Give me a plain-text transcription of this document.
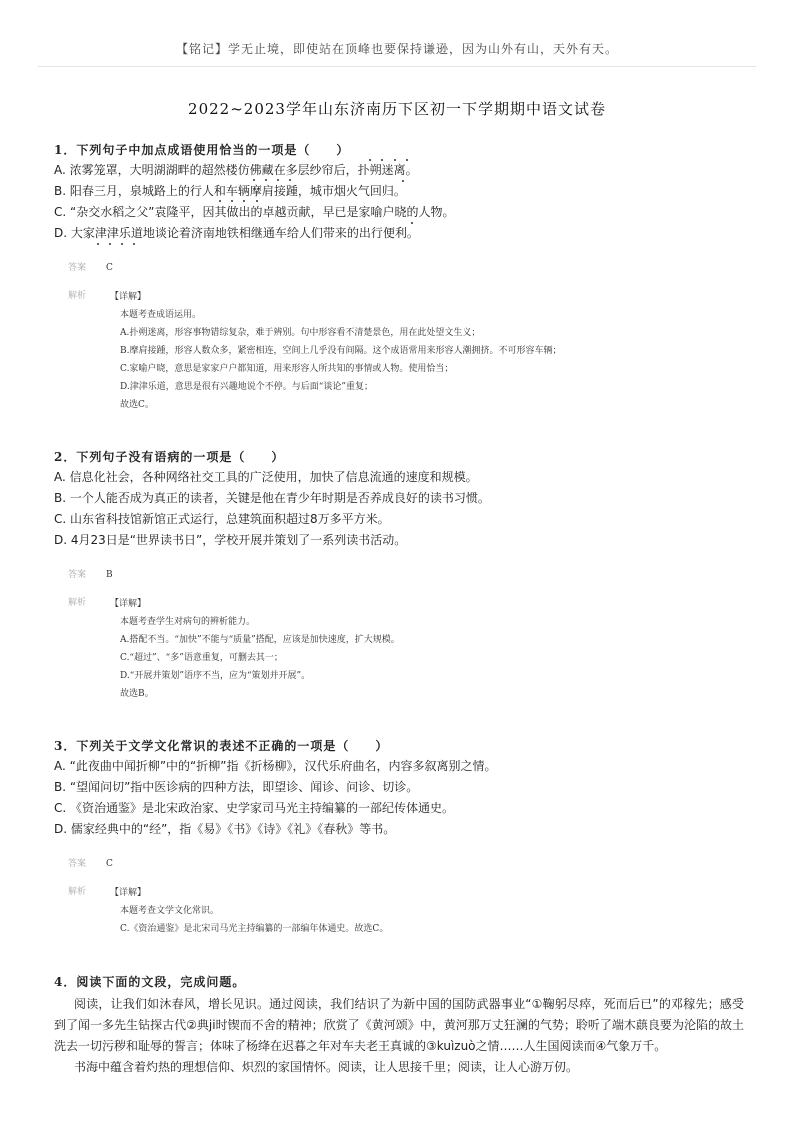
【铭记】学无止境，即使站在顶峰也要保持谦逊，因为山外有山，天外有天。
2022~2023学年山东济南历下区初一下学期期中语文试卷
1．下列句子中加点成语使用恰当的一项是（　　）
A. 浓雾笼罩，大明湖湖畔的超然楼仿佛藏在多层纱帘后，扑朔迷离。
B. 阳春三月，泉城路上的行人和车辆摩肩接踵，城市烟火气回归。
C. “杂交水稻之父”袁隆平，因其做出的卓越贡献，早已是家喻户晓的人物。
D. 大家津津乐道地谈论着济南地铁相继通车给人们带来的出行便利。
答案 C
解析	【详解】
本题考查成语运用。
A.扑朔迷离，形容事物错综复杂，难于辨别。句中形容看不清楚景色，用在此处望文生义；
B.摩肩接踵，形容人数众多，紧密相连，空间上几乎没有间隔。这个成语常用来形容人潮拥挤。不可形容车辆；
C.家喻户晓，意思是家家户户都知道，用来形容人所共知的事情或人物。使用恰当；
D.津津乐道，意思是很有兴趣地说个不停。与后面“谈论”重复；
故选C。
2．下列句子没有语病的一项是（　　）
A. 信息化社会，各种网络社交工具的广泛使用，加快了信息流通的速度和规模。
B. 一个人能否成为真正的读者，关键是他在青少年时期是否养成良好的读书习惯。
C. 山东省科技馆新馆正式运行，总建筑面积超过8万多平方米。
D. 4月23日是“世界读书日”，学校开展并策划了一系列读书活动。
答案 B
解析	【详解】
本题考查学生对病句的辨析能力。
A.搭配不当。“加快”不能与“质量”搭配，应该是加快速度，扩大规模。
C.“超过”、“多”语意重复，可删去其一；
D.“开展并策划”语序不当，应为“策划并开展”。
故选B。
3．下列关于文学文化常识的表述不正确的一项是（　　）
A. “此夜曲中闻折柳”中的“折柳”指《折杨柳》，汉代乐府曲名，内容多叙离别之情。
B. “望闻问切”指中医诊病的四种方法，即望诊、闻诊、问诊、切诊。
C. 《资治通鉴》是北宋政治家、史学家司马光主持编纂的一部纪传体通史。
D. 儒家经典中的“经”，指《易》《书》《诗》《礼》《春秋》等书。
答案 C
解析	【详解】
本题考查文学文化常识。
C.《资治通鉴》是北宋司马光主持编纂的一部编年体通史。故选C。
4．阅读下面的文段，完成问题。

阅读，让我们如沐春风，增长见识。通过阅读，我们结识了为新中国的国防武器事业“①鞠躬尽瘁，死而后已”的邓稼先；感受到了闻一多先生钻探古代②典ji时锲而不舍的精神；欣赏了《黄河颂》中，黄河那万丈狂澜的气势；聆听了端木蕻良要为沦陷的故土洗去一切污秽和耻辱的誓言；体味了杨绛在迟暮之年对车夫老王真诚的③kuìzuò之情……人生国阅读而④气象万千。

书海中蕴含着灼热的理想信仰、炽烈的家国情怀。阅读，让人思接千里；阅读，让人心游万仞。
